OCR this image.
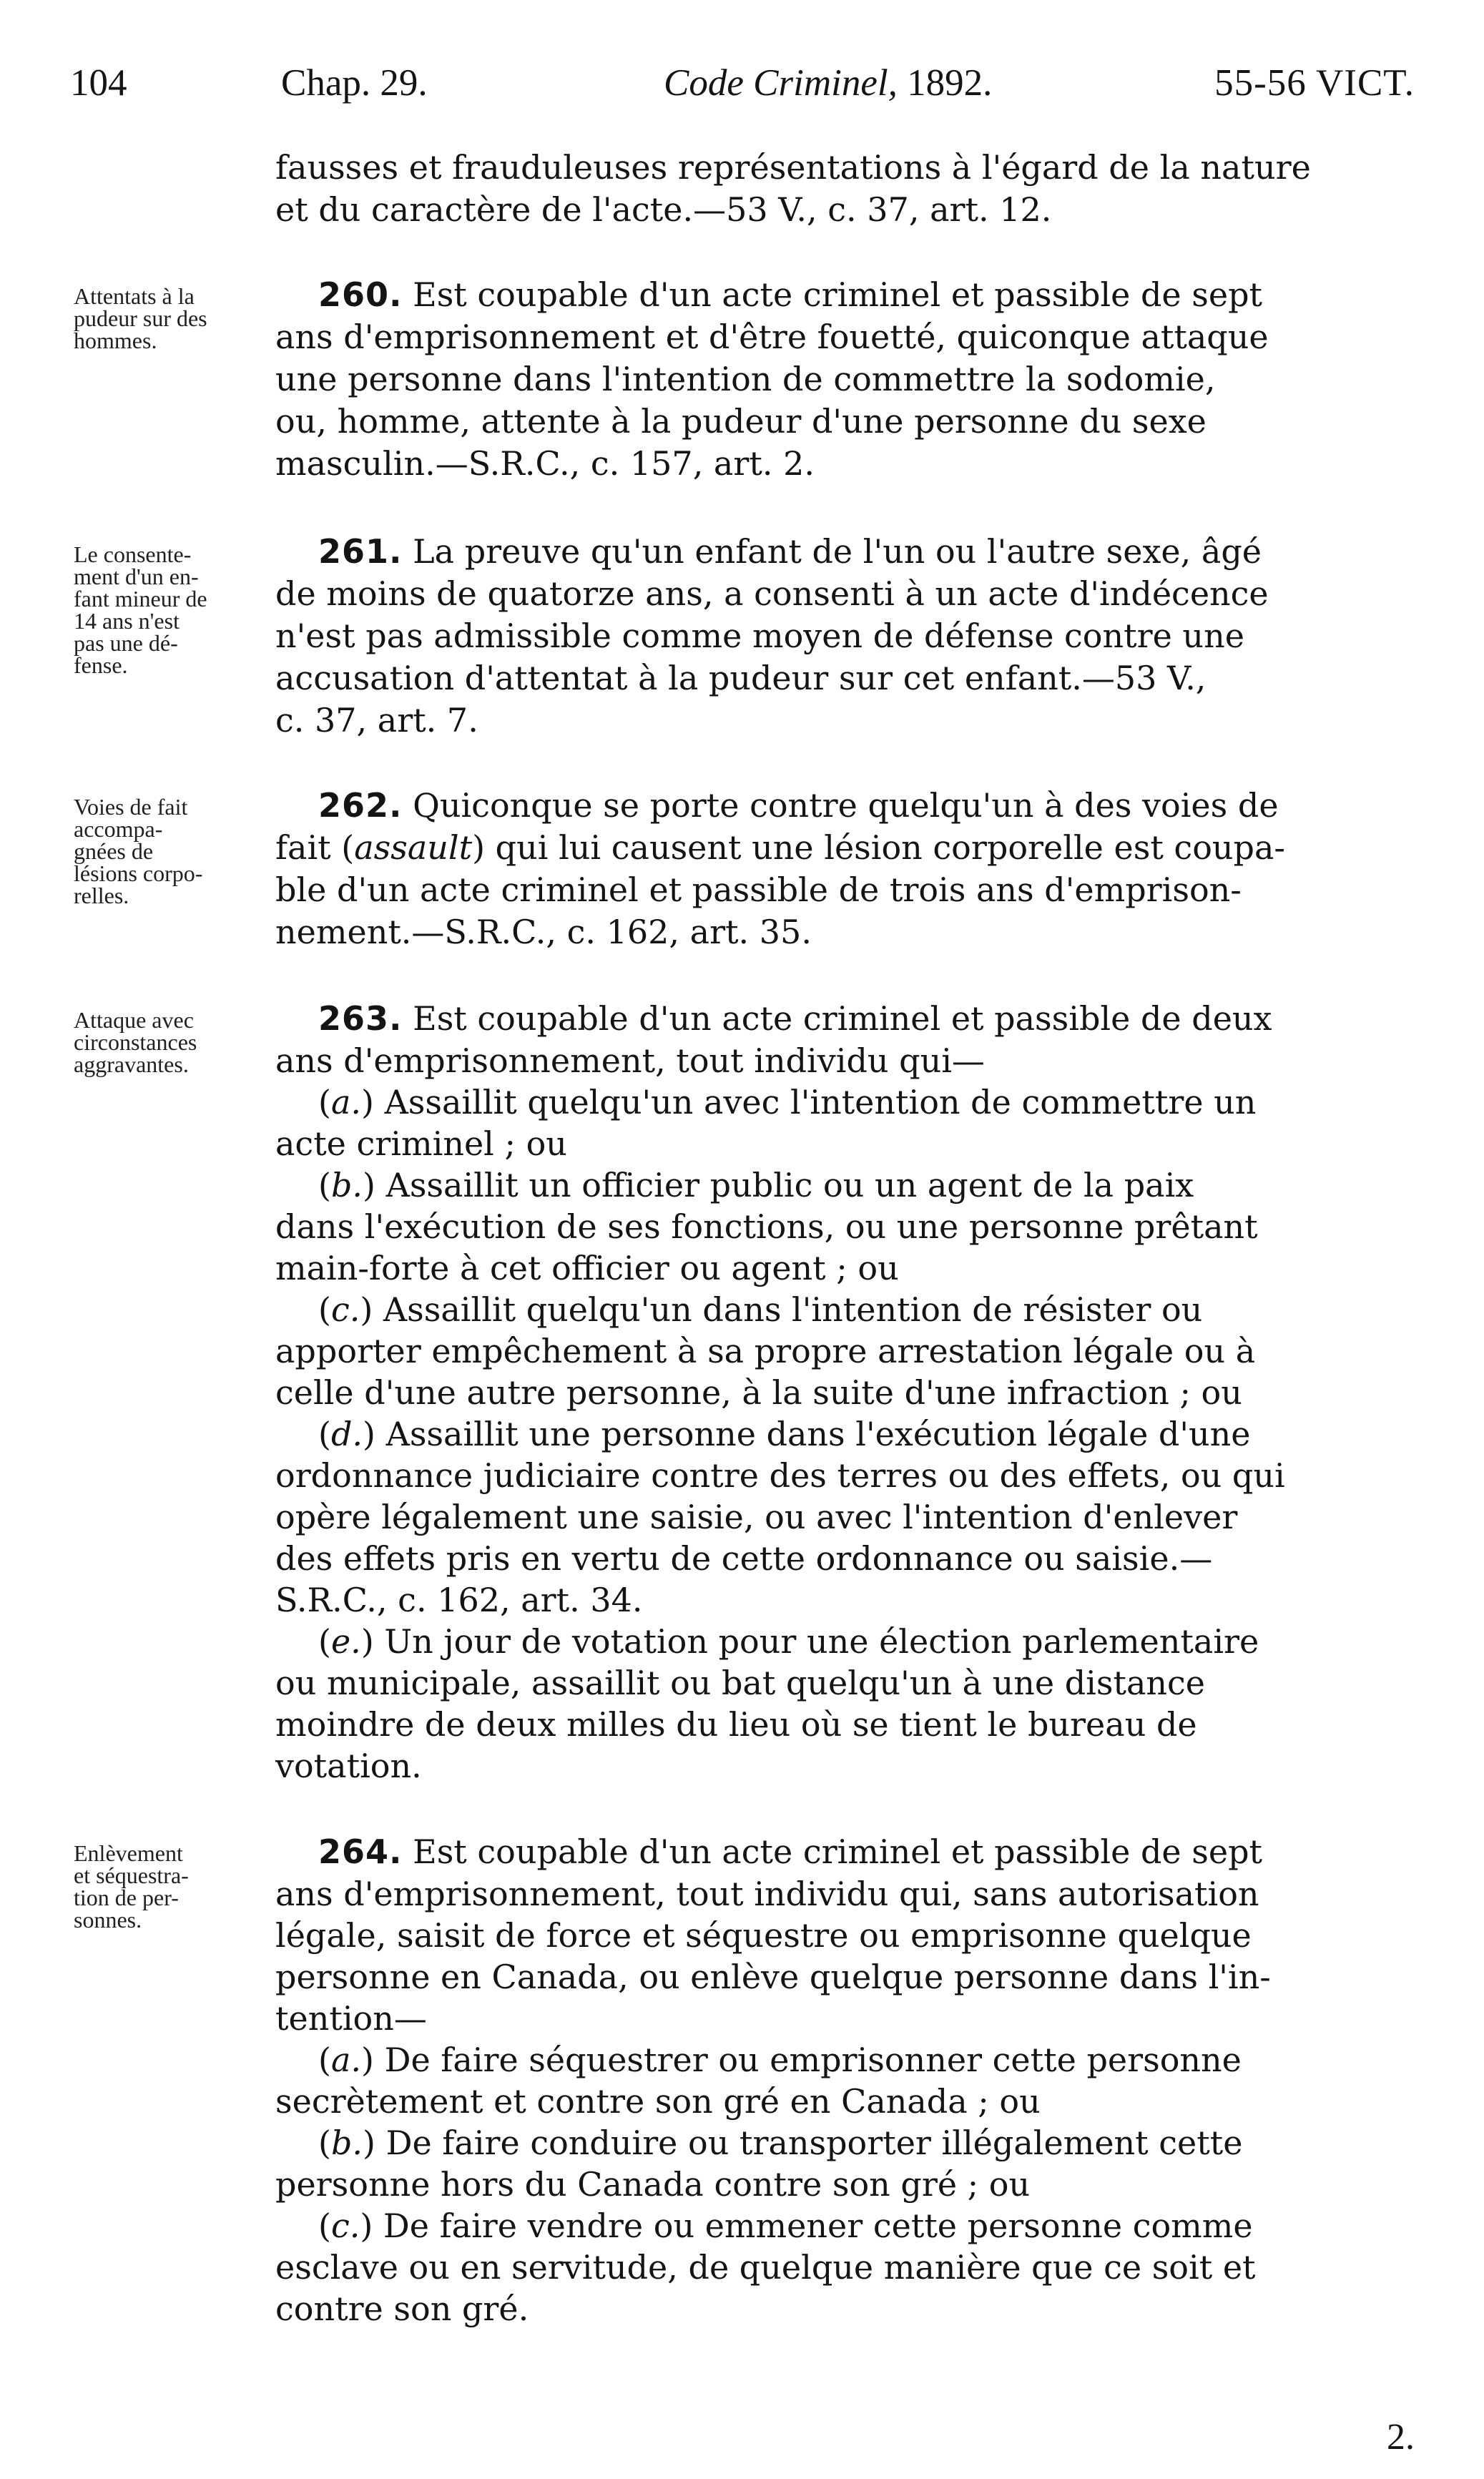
104	Chap. 29.	Code Criminel, 1892.	55-56 VICT.
fausses et frauduleuses représentations à l'égard de la nature
et du caractère de l'acte.—53 V., c. 37, art. 12.
Attentats à la
pudeur sur des
hommes.
260. Est coupable d'un acte criminel et passible de sept
ans d'emprisonnement et d'être fouetté, quiconque attaque
une personne dans l'intention de commettre la sodomie,
ou, homme, attente à la pudeur d'une personne du sexe
masculin.—S.R.C., c. 157, art. 2.
Le consente-
ment d'un en-
fant mineur de
14 ans n'est
pas une dé-
fense.
261. La preuve qu'un enfant de l'un ou l'autre sexe, âgé
de moins de quatorze ans, a consenti à un acte d'indécence
n'est pas admissible comme moyen de défense contre une
accusation d'attentat à la pudeur sur cet enfant.—53 V.,
c. 37, art. 7.
Voies de fait
accompa-
gnées de
lésions corpo-
relles.
262. Quiconque se porte contre quelqu'un à des voies de
fait (assault) qui lui causent une lésion corporelle est coupa-
ble d'un acte criminel et passible de trois ans d'emprison-
nement.—S.R.C., c. 162, art. 35.
Attaque avec
circonstances
aggravantes.
263. Est coupable d'un acte criminel et passible de deux
ans d'emprisonnement, tout individu qui—
(a.) Assaillit quelqu'un avec l'intention de commettre un
acte criminel ; ou
(b.) Assaillit un officier public ou un agent de la paix
dans l'exécution de ses fonctions, ou une personne prêtant
main-forte à cet officier ou agent ; ou
(c.) Assaillit quelqu'un dans l'intention de résister ou
apporter empêchement à sa propre arrestation légale ou à
celle d'une autre personne, à la suite d'une infraction ; ou
(d.) Assaillit une personne dans l'exécution légale d'une
ordonnance judiciaire contre des terres ou des effets, ou qui
opère légalement une saisie, ou avec l'intention d'enlever
des effets pris en vertu de cette ordonnance ou saisie.—
S.R.C., c. 162, art. 34.
(e.) Un jour de votation pour une élection parlementaire
ou municipale, assaillit ou bat quelqu'un à une distance
moindre de deux milles du lieu où se tient le bureau de
votation.
Enlèvement
et séquestra-
tion de per-
sonnes.
264. Est coupable d'un acte criminel et passible de sept
ans d'emprisonnement, tout individu qui, sans autorisation
légale, saisit de force et séquestre ou emprisonne quelque
personne en Canada, ou enlève quelque personne dans l'in-
tention—
(a.) De faire séquestrer ou emprisonner cette personne
secrètement et contre son gré en Canada ; ou
(b.) De faire conduire ou transporter illégalement cette
personne hors du Canada contre son gré ; ou
(c.) De faire vendre ou emmener cette personne comme
esclave ou en servitude, de quelque manière que ce soit et
contre son gré.
2.
